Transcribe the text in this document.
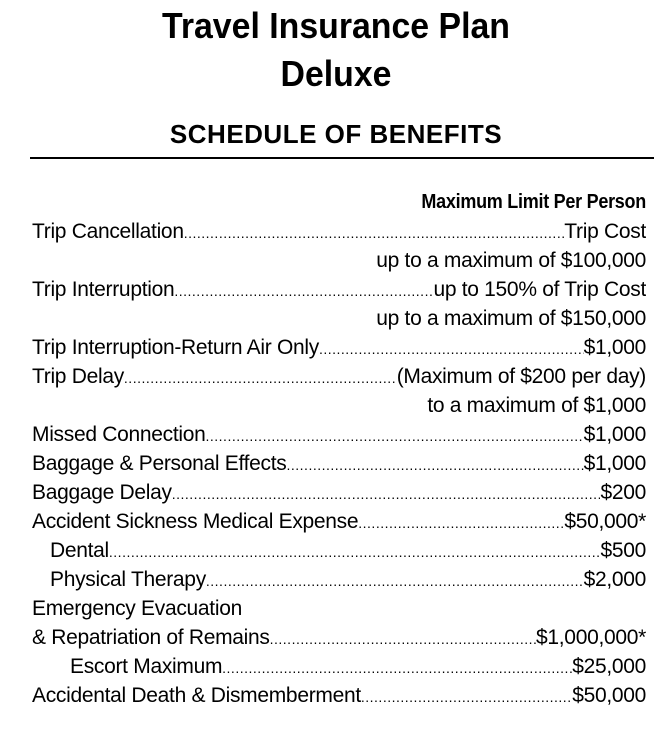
Travel Insurance Plan
Deluxe
SCHEDULE OF BENEFITS
Maximum Limit Per Person
Trip Cancellation .....	Trip Cost
up to a maximum of $100,000
Trip Interruption .....	up to 150% of Trip Cost
up to a maximum of $150,000
Trip Interruption-Return Air Only .....	$1,000
Trip Delay .....	(Maximum of $200 per day)
to a maximum of $1,000
Missed Connection .....	$1,000
Baggage & Personal Effects .....	$1,000
Baggage Delay .....	$200
Accident Sickness Medical Expense .....	$50,000*
Dental .....	$500
Physical Therapy .....	$2,000
Emergency Evacuation
& Repatriation of Remains .....	$1,000,000*
Escort Maximum .....	$25,000
Accidental Death & Dismemberment .....	$50,000
